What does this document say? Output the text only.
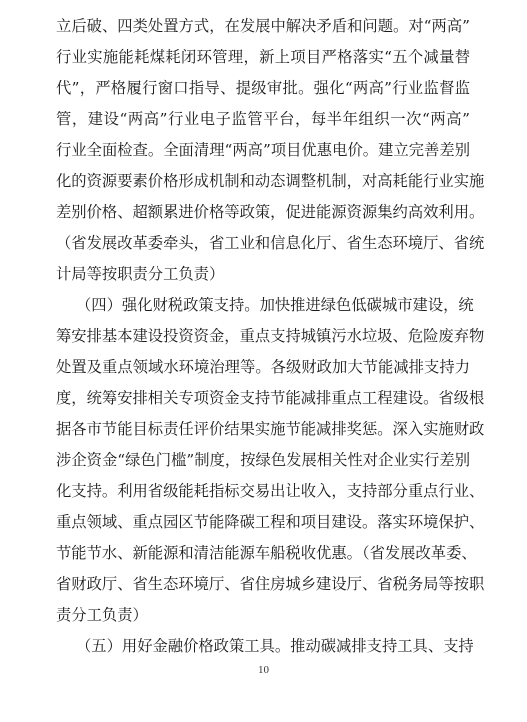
立后破、四类处置方式，在发展中解决矛盾和问题。对“两高”
行业实施能耗煤耗闭环管理，新上项目严格落实“五个减量替
代”，严格履行窗口指导、提级审批。强化“两高”行业监督监
管，建设“两高”行业电子监管平台，每半年组织一次“两高”
行业全面检查。全面清理“两高”项目优惠电价。建立完善差别
化的资源要素价格形成机制和动态调整机制，对高耗能行业实施
差别价格、超额累进价格等政策，促进能源资源集约高效利用。
（省发展改革委牵头，省工业和信息化厅、省生态环境厅、省统
计局等按职责分工负责）
（四）强化财税政策支持。加快推进绿色低碳城市建设，统
筹安排基本建设投资资金，重点支持城镇污水垃圾、危险废弃物
处置及重点领域水环境治理等。各级财政加大节能减排支持力
度，统筹安排相关专项资金支持节能减排重点工程建设。省级根
据各市节能目标责任评价结果实施节能减排奖惩。深入实施财政
涉企资金“绿色门槛”制度，按绿色发展相关性对企业实行差别
化支持。利用省级能耗指标交易出让收入，支持部分重点行业、
重点领域、重点园区节能降碳工程和项目建设。落实环境保护、
节能节水、新能源和清洁能源车船税收优惠。（省发展改革委、
省财政厅、省生态环境厅、省住房城乡建设厅、省税务局等按职
责分工负责）
（五）用好金融价格政策工具。推动碳减排支持工具、支持
10
